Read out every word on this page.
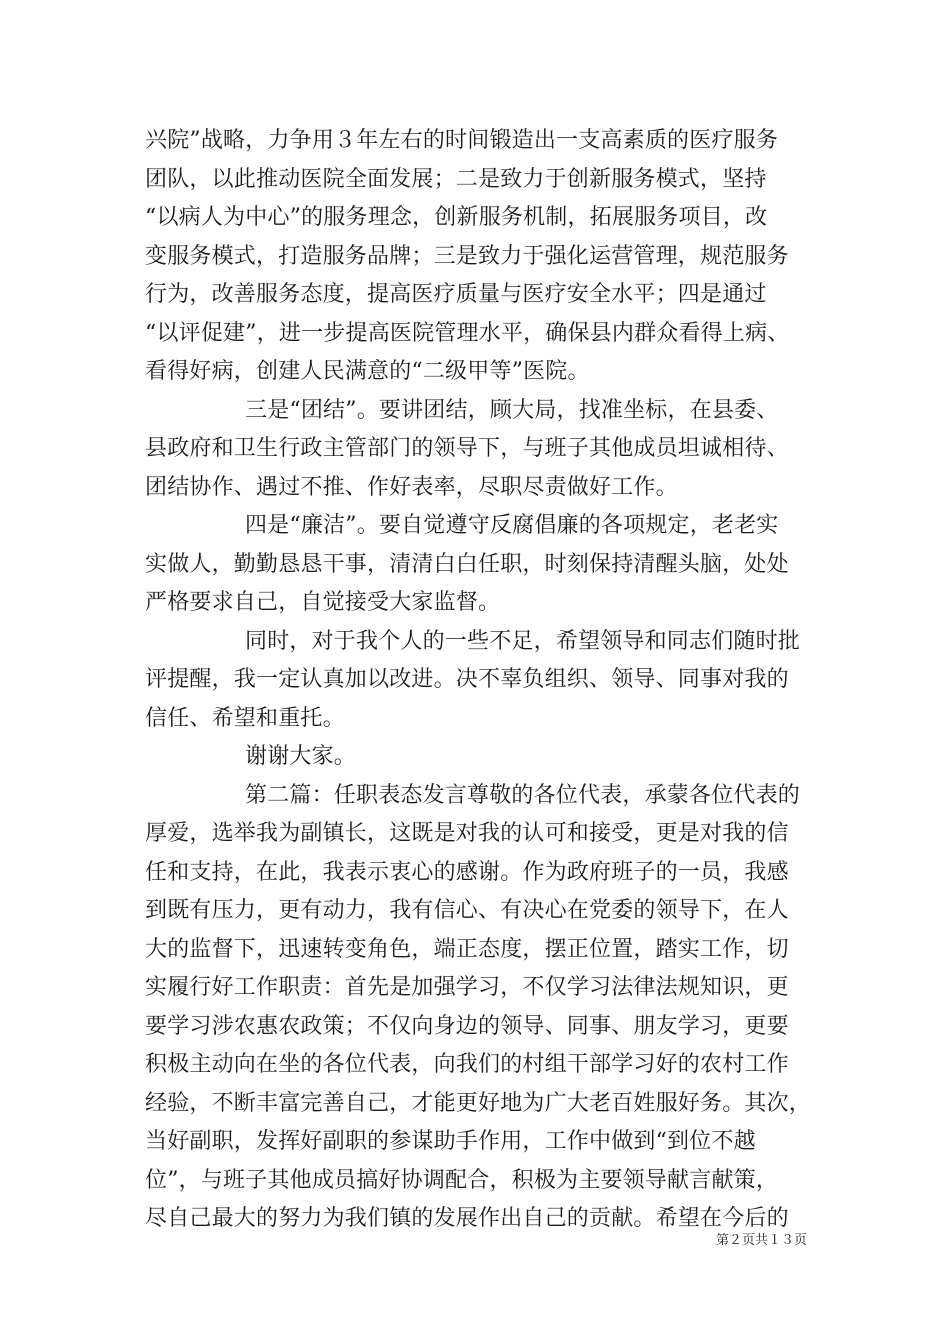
兴院”战略，力争用３年左右的时间锻造出一支高素质的医疗服务
团队，以此推动医院全面发展；二是致力于创新服务模式，坚持
“以病人为中心”的服务理念，创新服务机制，拓展服务项目，改
变服务模式，打造服务品牌；三是致力于强化运营管理，规范服务
行为，改善服务态度，提高医疗质量与医疗安全水平；四是通过
“以评促建”，进一步提高医院管理水平，确保县内群众看得上病、
看得好病，创建人民满意的“二级甲等”医院。
三是“团结”。要讲团结，顾大局，找准坐标，在县委、
县政府和卫生行政主管部门的领导下，与班子其他成员坦诚相待、
团结协作、遇过不推、作好表率，尽职尽责做好工作。
四是“廉洁”。要自觉遵守反腐倡廉的各项规定，老老实
实做人，勤勤恳恳干事，清清白白任职，时刻保持清醒头脑，处处
严格要求自己，自觉接受大家监督。
同时，对于我个人的一些不足，希望领导和同志们随时批
评提醒，我一定认真加以改进。决不辜负组织、领导、同事对我的
信任、希望和重托。
谢谢大家。
第二篇：任职表态发言尊敬的各位代表，承蒙各位代表的
厚爱，选举我为副镇长，这既是对我的认可和接受，更是对我的信
任和支持，在此，我表示衷心的感谢。作为政府班子的一员，我感
到既有压力，更有动力，我有信心、有决心在党委的领导下，在人
大的监督下，迅速转变角色，端正态度，摆正位置，踏实工作，切
实履行好工作职责：首先是加强学习，不仅学习法律法规知识，更
要学习涉农惠农政策；不仅向身边的领导、同事、朋友学习，更要
积极主动向在坐的各位代表，向我们的村组干部学习好的农村工作
经验，不断丰富完善自己，才能更好地为广大老百姓服好务。其次，
当好副职，发挥好副职的参谋助手作用，工作中做到“到位不越
位”，与班子其他成员搞好协调配合，积极为主要领导献言献策，
尽自己最大的努力为我们镇的发展作出自己的贡献。希望在今后的
第２页共１３页
